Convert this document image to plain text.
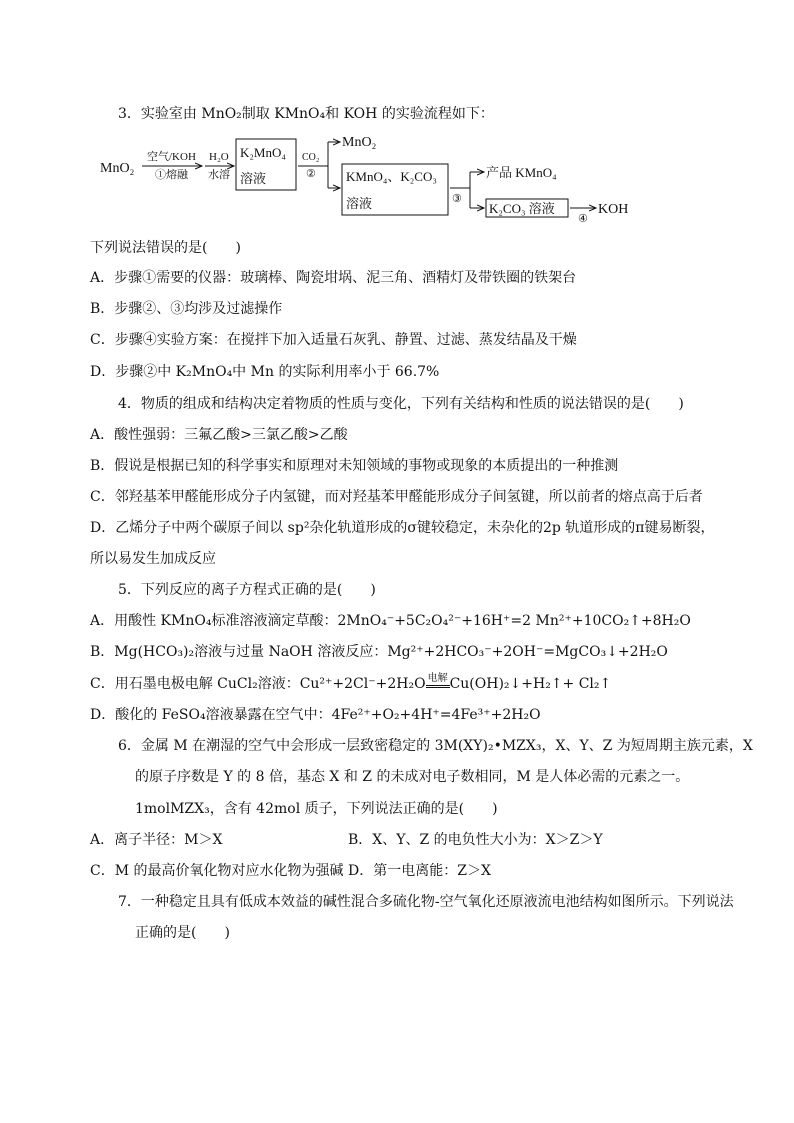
3．实验室由 MnO₂制取 KMnO₄和 KOH 的实验流程如下：
MnO₂
空气/KOH
①熔融
H₂O
水溶
K₂MnO₄
溶液
CO₂
②
MnO₂
KMnO₄、K₂CO₃
溶液	③
产品 KMnO₄
K₂CO₃ 溶液
④
KOH
下列说法错误的是(　　)
A．步骤①需要的仪器：玻璃棒、陶瓷坩埚、泥三角、酒精灯及带铁圈的铁架台
B．步骤②、③均涉及过滤操作
C．步骤④实验方案：在搅拌下加入适量石灰乳、静置、过滤、蒸发结晶及干燥
D．步骤②中 K₂MnO₄中 Mn 的实际利用率小于 66.7%
4．物质的组成和结构决定着物质的性质与变化，下列有关结构和性质的说法错误的是(　　)
A．酸性强弱：三氟乙酸>三氯乙酸>乙酸
B．假说是根据已知的科学事实和原理对未知领域的事物或现象的本质提出的一种推测
C．邻羟基苯甲醛能形成分子内氢键，而对羟基苯甲醛能形成分子间氢键，所以前者的熔点高于后者
D．乙烯分子中两个碳原子间以 sp²杂化轨道形成的σ键较稳定，未杂化的2p 轨道形成的π键易断裂，
所以易发生加成反应
5．下列反应的离子方程式正确的是(　　)
A．用酸性 KMnO₄标准溶液滴定草酸：2MnO₄⁻+5C₂O₄²⁻+16H⁺=2 Mn²⁺+10CO₂↑+8H₂O
B．Mg(HCO₃)₂溶液与过量 NaOH 溶液反应：Mg²⁺+2HCO₃⁻+2OH⁻=MgCO₃↓+2H₂O
C．用石墨电极电解 CuCl₂溶液：Cu²⁺+2Cl⁻+2H₂O $^{电解}$ Cu(OH)₂↓+H₂↑+ Cl₂↑
D．酸化的 FeSO₄溶液暴露在空气中：4Fe²⁺+O₂+4H⁺=4Fe³⁺+2H₂O
6．金属 M 在潮湿的空气中会形成一层致密稳定的 3M(XY)₂•MZX₃，X、Y、Z 为短周期主族元素，X
的原子序数是 Y 的 8 倍，基态 X 和 Z 的未成对电子数相同，M 是人体必需的元素之一。
1molMZX₃，含有 42mol 质子，下列说法正确的是(　　)
A．离子半径：M＞X	B．X、Y、Z 的电负性大小为：X＞Z＞Y
C．M 的最高价氧化物对应水化物为强碱 D．第一电离能：Z＞X
7．一种稳定且具有低成本效益的碱性混合多硫化物-空气氧化还原液流电池结构如图所示。下列说法
正确的是(　　)
